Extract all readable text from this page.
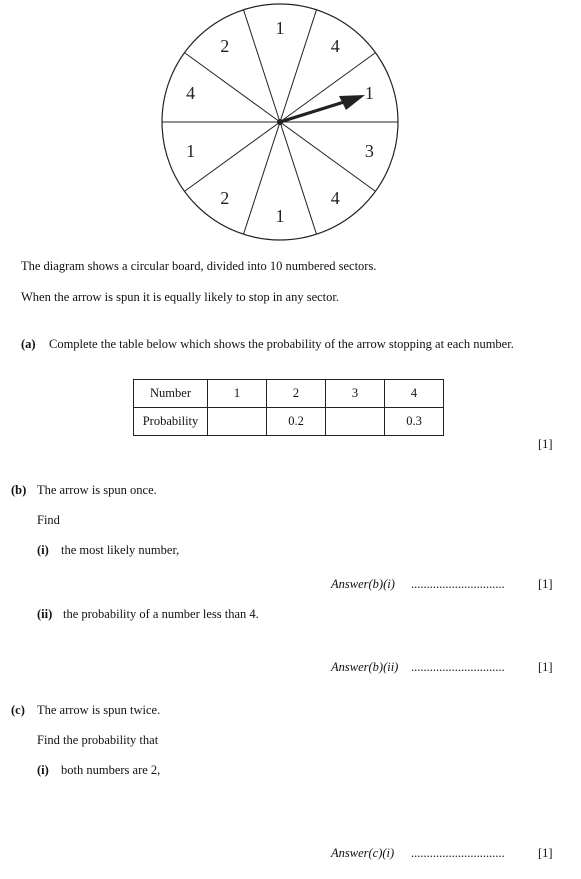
1
4
1
3
4
1
2
1
4
2
The diagram shows a circular board, divided into 10 numbered sectors.
When the arrow is spun it is equally likely to stop in any sector.
(a) Complete the table below which shows the probability of the arrow stopping at each number.
Number	1	2	3	4
Probability		0.2		0.3
[1]
(b) The arrow is spun once.
Find
(i) the most likely number,
Answer(b)(i) ..............................	[1]
(ii) the probability of a number less than 4.
Answer(b)(ii) ..............................	[1]
(c) The arrow is spun twice.
Find the probability that
(i) both numbers are 2,
Answer(c)(i) ..............................	[1]
